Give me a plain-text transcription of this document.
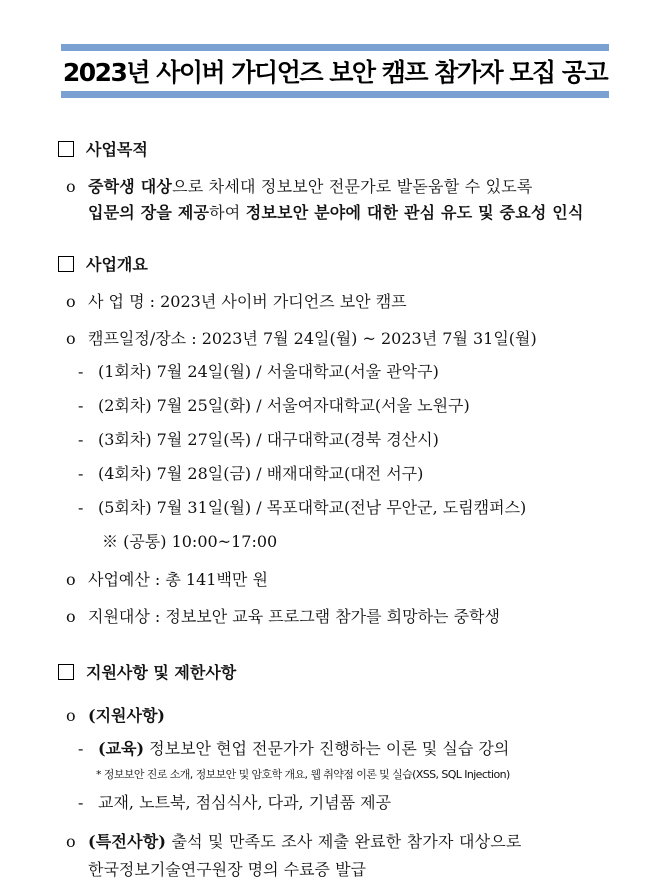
2023년 사이버 가디언즈 보안 캠프 참가자 모집 공고
사업목적
o 중학생 대상으로 차세대 정보보안 전문가로 발돋움할 수 있도록
입문의 장을 제공하여 정보보안 분야에 대한 관심 유도 및 중요성 인식
사업개요
o 사 업 명 : 2023년 사이버 가디언즈 보안 캠프
o 캠프일정/장소 : 2023년 7월 24일(월) ~ 2023년 7월 31일(월)
- (1회차) 7월 24일(월) / 서울대학교(서울 관악구)
- (2회차) 7월 25일(화) / 서울여자대학교(서울 노원구)
- (3회차) 7월 27일(목) / 대구대학교(경북 경산시)
- (4회차) 7월 28일(금) / 배재대학교(대전 서구)
- (5회차) 7월 31일(월) / 목포대학교(전남 무안군, 도림캠퍼스)
※ (공통) 10:00~17:00
o 사업예산 : 총 141백만 원
o 지원대상 : 정보보안 교육 프로그램 참가를 희망하는 중학생
지원사항 및 제한사항
o (지원사항)
- (교육) 정보보안 현업 전문가가 진행하는 이론 및 실습 강의
* 정보보안 진로 소개, 정보보안 및 암호학 개요, 웹 취약점 이론 및 실습(XSS, SQL Injection)
- 교재, 노트북, 점심식사, 다과, 기념품 제공
o (특전사항) 출석 및 만족도 조사 제출 완료한 참가자 대상으로
한국정보기술연구원장 명의 수료증 발급
